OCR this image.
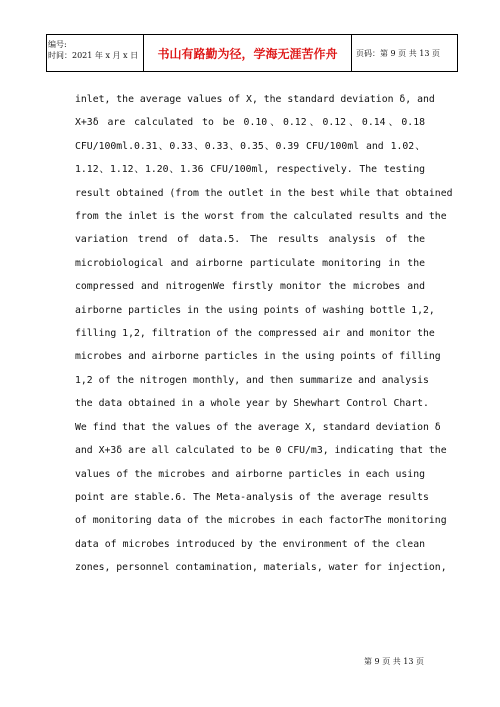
编号:
时间：2021 年 x 月 x 日	书山有路勤为径，学海无涯苦作舟	页码：第 9 页 共 13 页
inlet, the average values of X, the standard deviation δ, and
X+3δ are calculated to be 0.10、0.12、0.12、0.14、0.18
CFU/100ml.0.31、0.33、0.33、0.35、0.39 CFU/100ml and 1.02、
1.12、1.12、1.20、1.36 CFU/100ml, respectively. The testing
result obtained (from the outlet in the best while that obtained
from the inlet is the worst from the calculated results and the
variation trend of data.5. The results analysis of the
microbiological and airborne particulate monitoring in the
compressed and nitrogenWe firstly monitor the microbes and
airborne particles in the using points of washing bottle 1,2,
filling 1,2, filtration of the compressed air and monitor the
microbes and airborne particles in the using points of filling
1,2 of the nitrogen monthly, and then summarize and analysis
the data obtained in a whole year by Shewhart Control Chart.
We find that the values of the average X, standard deviation δ
and X+3δ are all calculated to be 0 CFU/m3, indicating that the
values of the microbes and airborne particles in each using
point are stable.6. The Meta-analysis of the average results
of monitoring data of the microbes in each factorThe monitoring
data of microbes introduced by the environment of the clean
zones, personnel contamination, materials, water for injection,
第 9 页 共 13 页
